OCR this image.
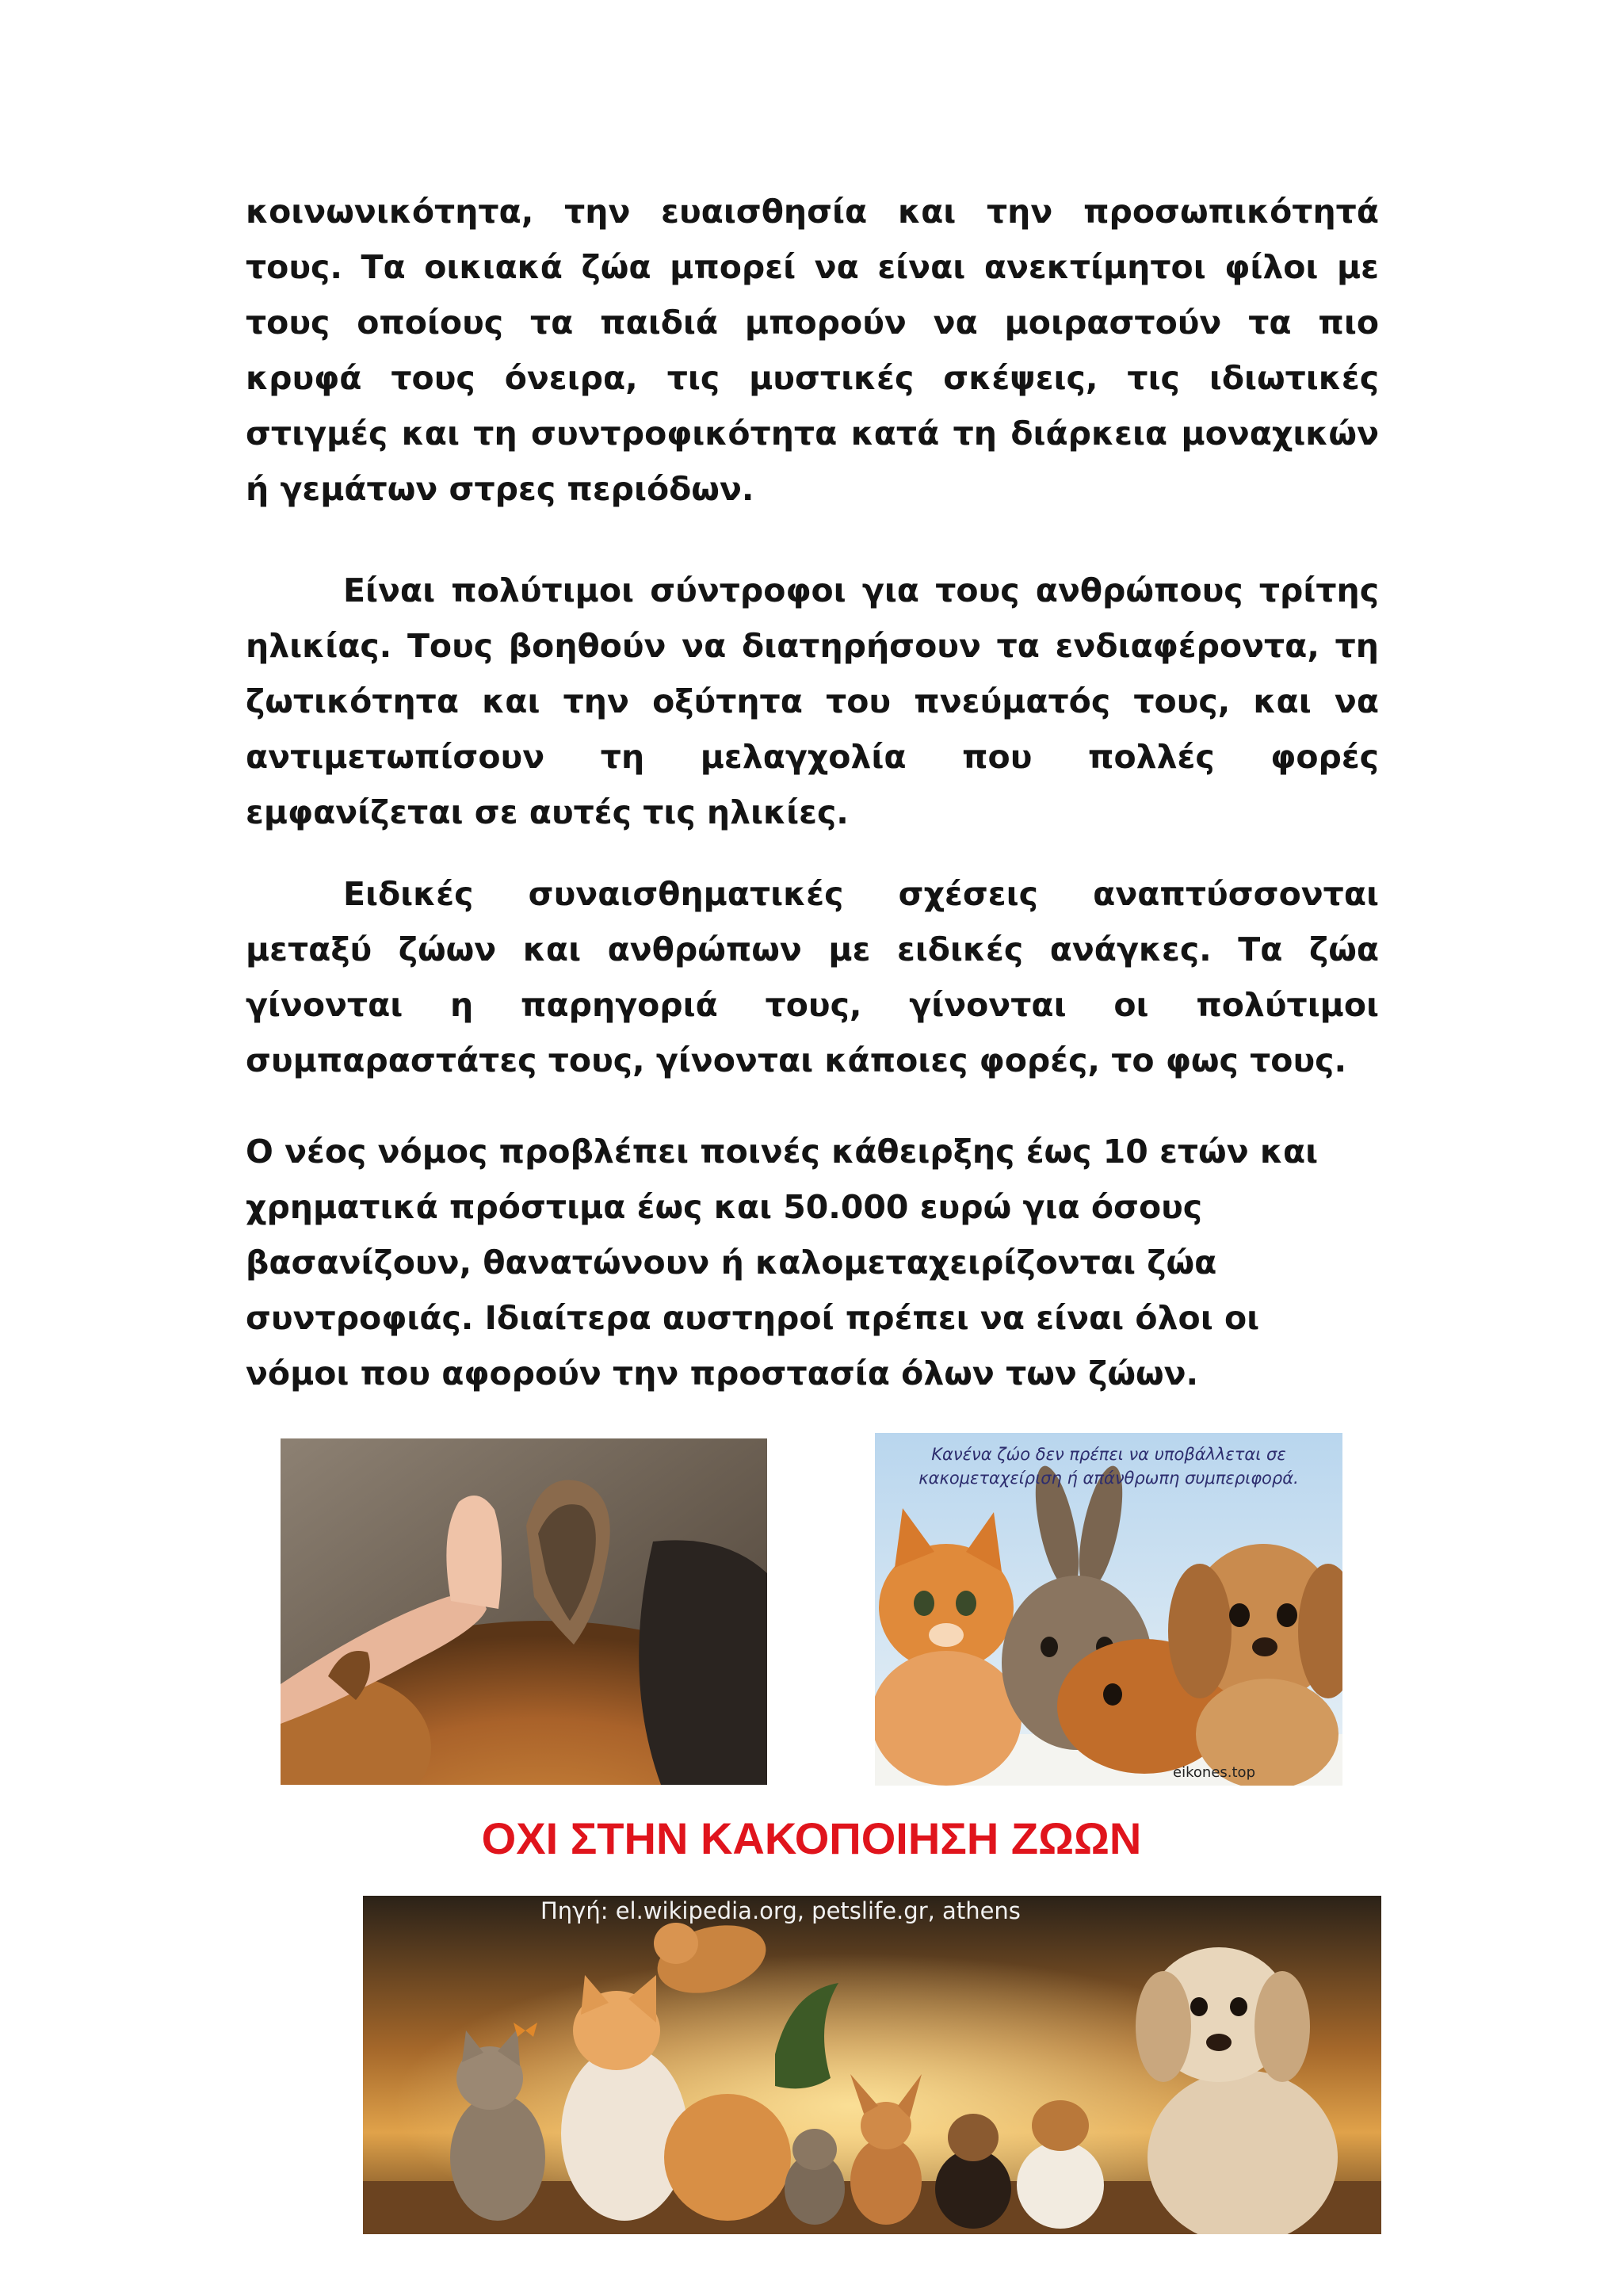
κοινωνικότητα, την ευαισθησία και την προσωπικότητά τους. Τα οικιακά ζώα μπορεί να είναι ανεκτίμητοι φίλοι με τους οποίους τα παιδιά μπορούν να μοιραστούν τα πιο κρυφά τους όνειρα, τις μυστικές σκέψεις, τις ιδιωτικές στιγμές και τη συντροφικότητα κατά τη διάρκεια μοναχικών ή γεμάτων στρες περιόδων.

Είναι πολύτιμοι σύντροφοι για τους ανθρώπους τρίτης ηλικίας. Τους βοηθούν να διατηρήσουν τα ενδιαφέροντα, τη ζωτικότητα και την οξύτητα του πνεύματός τους, και να αντιμετωπίσουν τη μελαγχολία που πολλές φορές εμφανίζεται σε αυτές τις ηλικίες.

Ειδικές συναισθηματικές σχέσεις αναπτύσσονται μεταξύ ζώων και ανθρώπων με ειδικές ανάγκες. Τα ζώα γίνονται η παρηγοριά τους, γίνονται οι πολύτιμοι συμπαραστάτες τους, γίνονται κάποιες φορές, το φως τους.

Ο νέος νόμος προβλέπει ποινές κάθειρξης έως 10 ετών και
χρηματικά πρόστιμα έως και 50.000 ευρώ για όσους
βασανίζουν, θανατώνουν ή καλομεταχειρίζονται ζώα
συντροφιάς. Ιδιαίτερα αυστηροί πρέπει να είναι όλοι οι
νόμοι που αφορούν την προστασία όλων των ζώων.
Κανένα ζώο δεν πρέπει να υποβάλλεται σε
κακομεταχείριση ή απάνθρωπη συμπεριφορά.
eikones.top
ΟΧΙ ΣΤΗΝ ΚΑΚΟΠΟΙΗΣΗ ΖΩΩΝ
Πηγή: el.wikipedia.org, petslife.gr, athens
